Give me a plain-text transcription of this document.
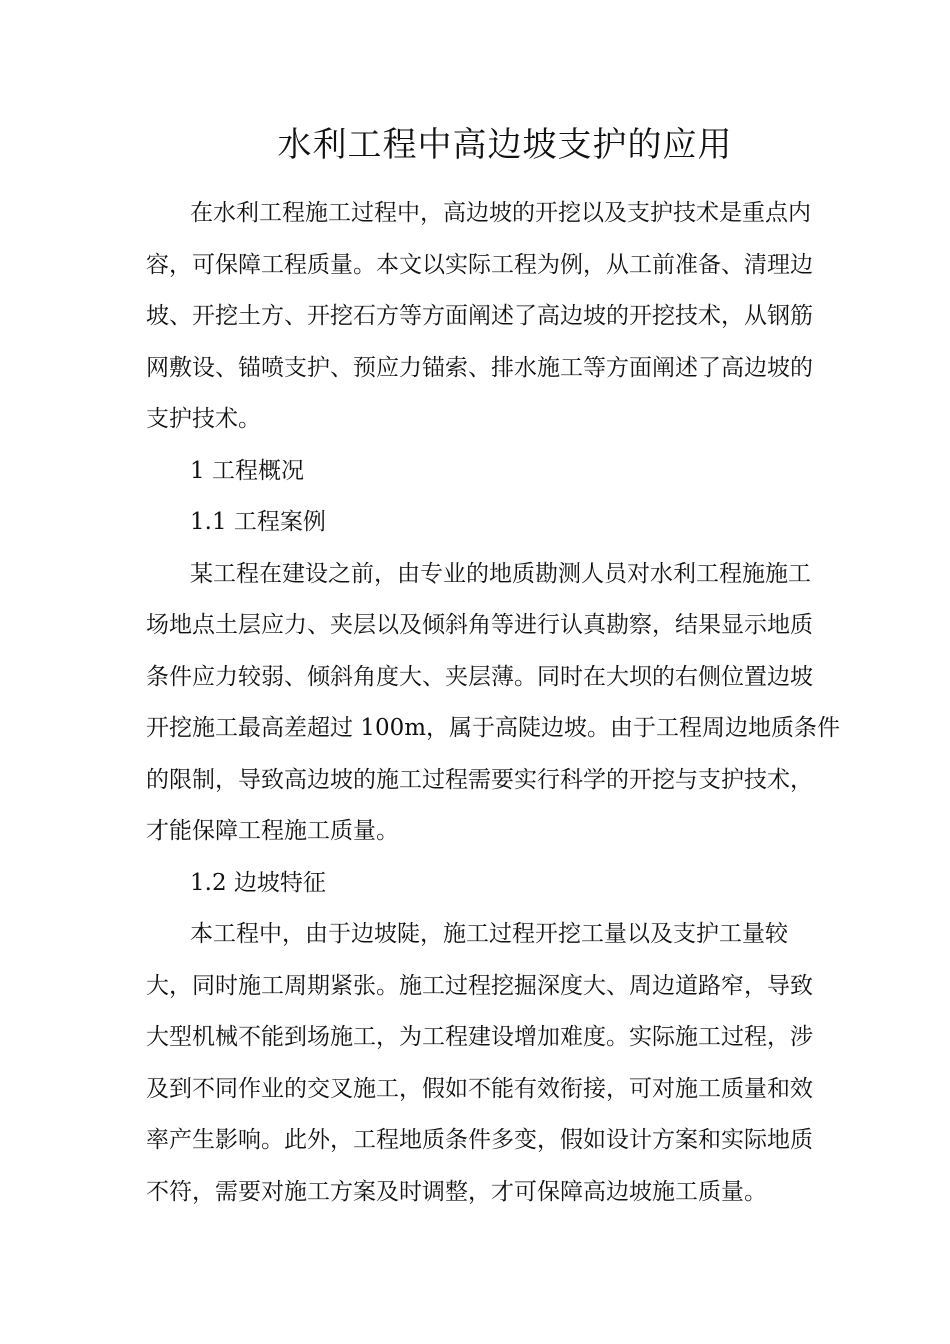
水利工程中高边坡支护的应用
在水利工程施工过程中，高边坡的开挖以及支护技术是重点内
容，可保障工程质量。本文以实际工程为例，从工前准备、清理边
坡、开挖土方、开挖石方等方面阐述了高边坡的开挖技术，从钢筋
网敷设、锚喷支护、预应力锚索、排水施工等方面阐述了高边坡的
支护技术。
1 工程概况
1.1 工程案例
某工程在建设之前，由专业的地质勘测人员对水利工程施施工
场地点土层应力、夹层以及倾斜角等进行认真勘察，结果显示地质
条件应力较弱、倾斜角度大、夹层薄。同时在大坝的右侧位置边坡
开挖施工最高差超过 100m，属于高陡边坡。由于工程周边地质条件
的限制，导致高边坡的施工过程需要实行科学的开挖与支护技术，
才能保障工程施工质量。
1.2 边坡特征
本工程中，由于边坡陡，施工过程开挖工量以及支护工量较
大，同时施工周期紧张。施工过程挖掘深度大、周边道路窄，导致
大型机械不能到场施工，为工程建设增加难度。实际施工过程，涉
及到不同作业的交叉施工，假如不能有效衔接，可对施工质量和效
率产生影响。此外，工程地质条件多变，假如设计方案和实际地质
不符，需要对施工方案及时调整，才可保障高边坡施工质量。
